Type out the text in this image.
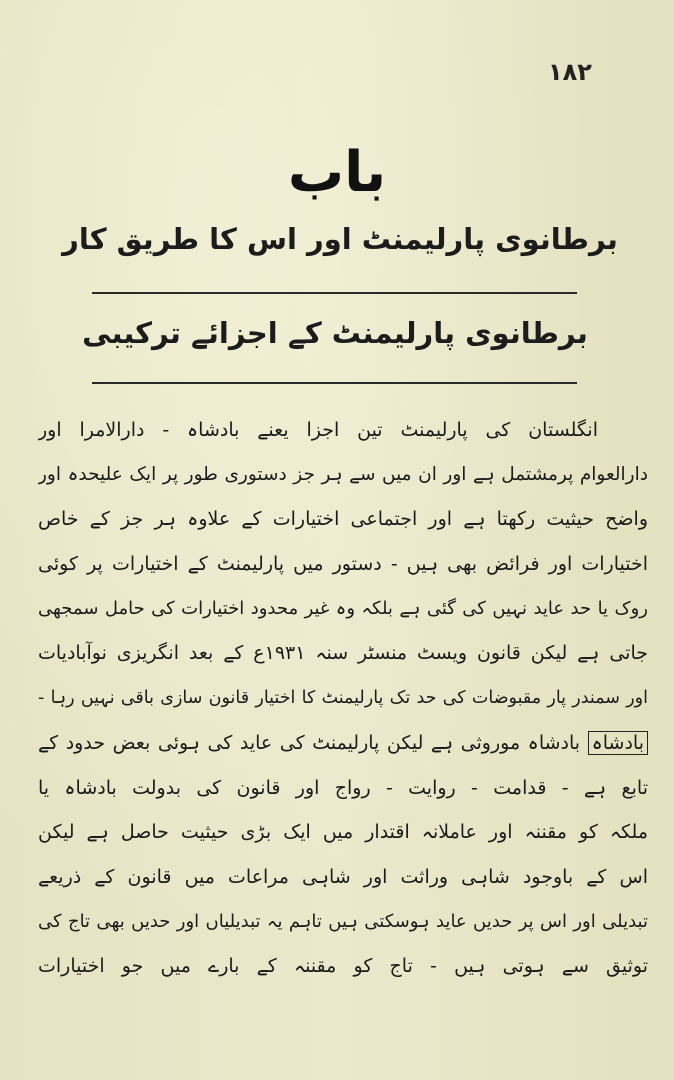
۱۸۲
باب
برطانوی پارلیمنٹ اور اس کا طریق کار
برطانوی پارلیمنٹ کے اجزائے ترکیبی
انگلستان کی پارلیمنٹ تین اجزا یعنے بادشاہ - دارالامرا اور
دارالعوام پرمشتمل ہے اور ان میں سے ہر جز دستوری طور پر ایک علیحدہ اور
واضح حیثیت رکھتا ہے اور اجتماعی اختیارات کے علاوہ ہر جز کے خاص
اختیارات اور فرائض بھی ہیں - دستور میں پارلیمنٹ کے اختیارات پر کوئی
روک یا حد عاید نہیں کی گئی ہے بلکہ وہ غیر محدود اختیارات کی حامل سمجھی
جاتی ہے لیکن قانون ویسٹ منسٹر سنہ ۱۹۳۱ع کے بعد انگریزی نوآبادیات
اور سمندر پار مقبوضات کی حد تک پارلیمنٹ کا اختیار قانون سازی باقی نہیں رہا -
بادشاہ بادشاہ موروثی ہے لیکن پارلیمنٹ کی عاید کی ہوئی بعض حدود کے
تابع ہے - قدامت - روایت - رواج اور قانون کی بدولت بادشاہ یا
ملکہ کو مقننہ اور عاملانہ اقتدار میں ایک بڑی حیثیت حاصل ہے لیکن
اس کے باوجود شاہی وراثت اور شاہی مراعات میں قانون کے ذریعے
تبدیلی اور اس پر حدیں عاید ہوسکتی ہیں تاہم یہ تبدیلیاں اور حدیں بھی تاج کی
توثیق سے ہوتی ہیں - تاج کو مقننہ کے بارے میں جو اختیارات
